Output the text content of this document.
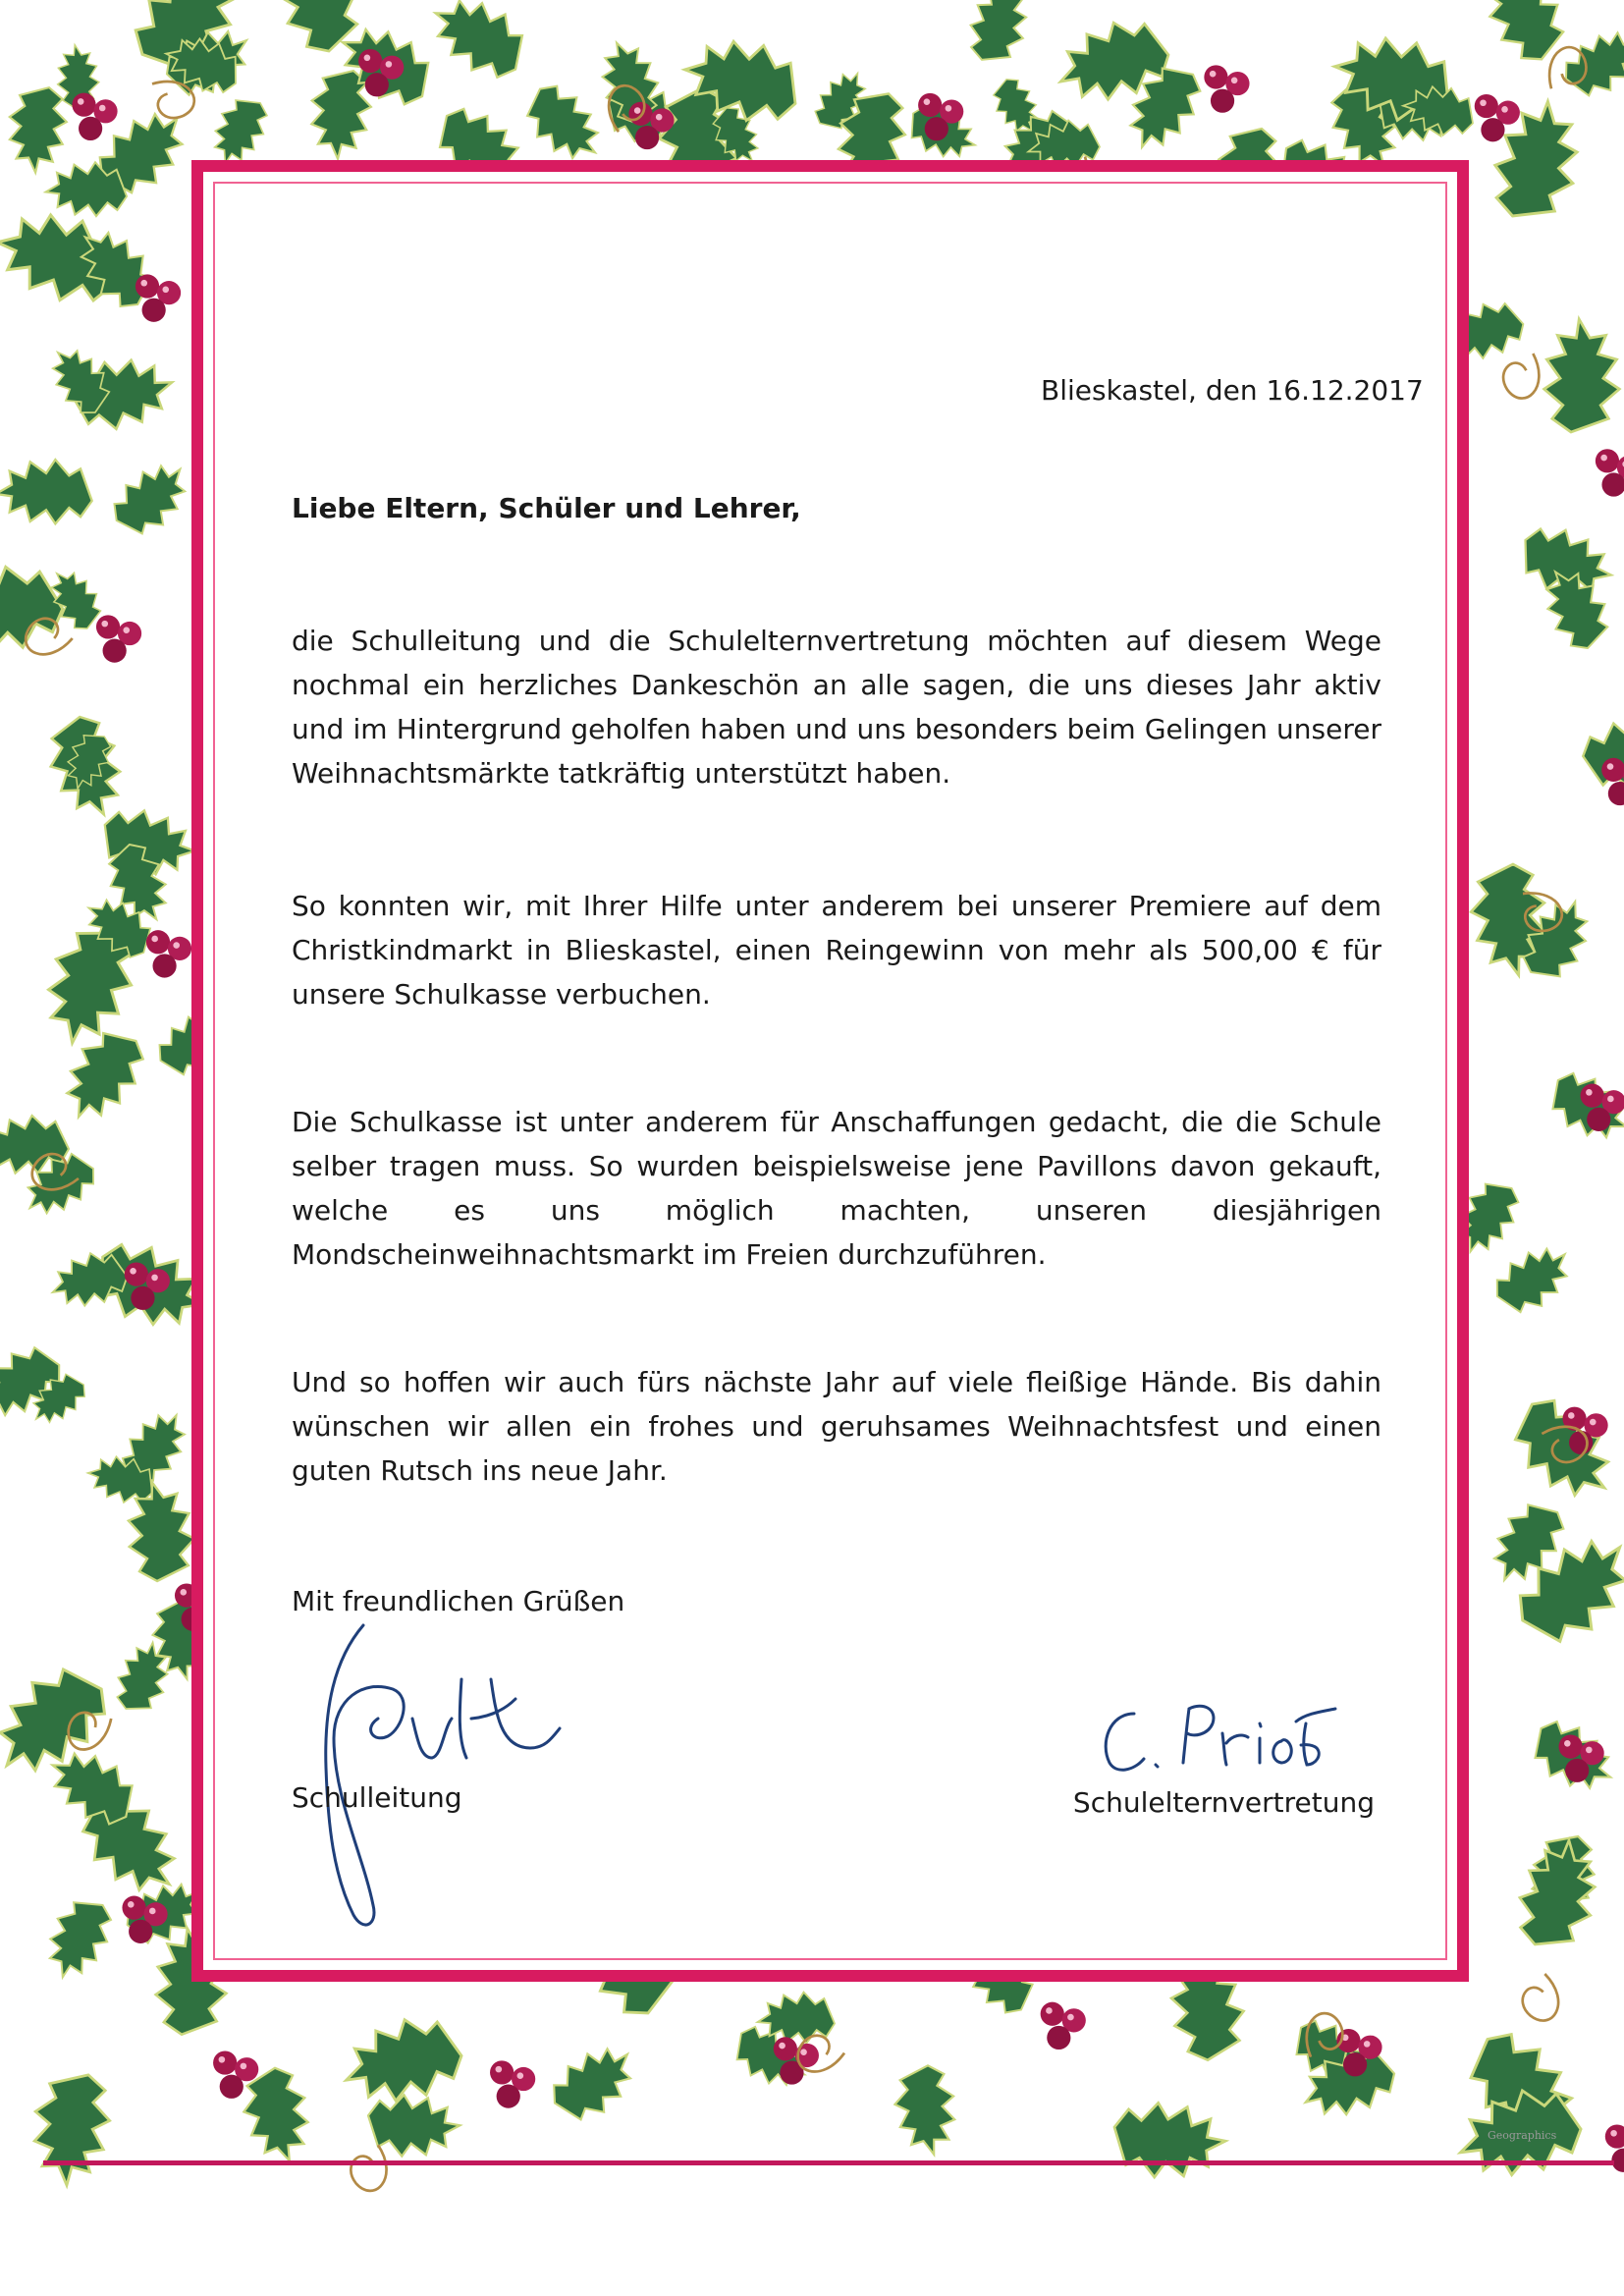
Blieskastel, den 16.12.2017
Liebe Eltern, Schüler und Lehrer,

die Schulleitung und die Schulelternvertretung möchten auf diesem Wege nochmal ein herzliches Dankeschön an alle sagen, die uns dieses Jahr aktiv und im Hintergrund geholfen haben und uns besonders beim Gelingen unserer Weihnachtsmärkte tatkräftig unterstützt haben.

So konnten wir, mit Ihrer Hilfe unter anderem bei unserer Premiere auf dem Christkindmarkt in Blieskastel, einen Reingewinn von mehr als 500,00 € für unsere Schulkasse verbuchen.

Die Schulkasse ist unter anderem für Anschaffungen gedacht, die die Schule selber tragen muss. So wurden beispielsweise jene Pavillons davon gekauft, welche es uns möglich machten, unseren diesjährigen Mondscheinweihnachtsmarkt im Freien durchzuführen.

Und so hoffen wir auch fürs nächste Jahr auf viele fleißige Hände. Bis dahin wünschen wir allen ein frohes und geruhsames Weihnachtsfest und einen guten Rutsch ins neue Jahr.

Mit freundlichen Grüßen
Schulleitung	Schulelternvertretung
Geographics
